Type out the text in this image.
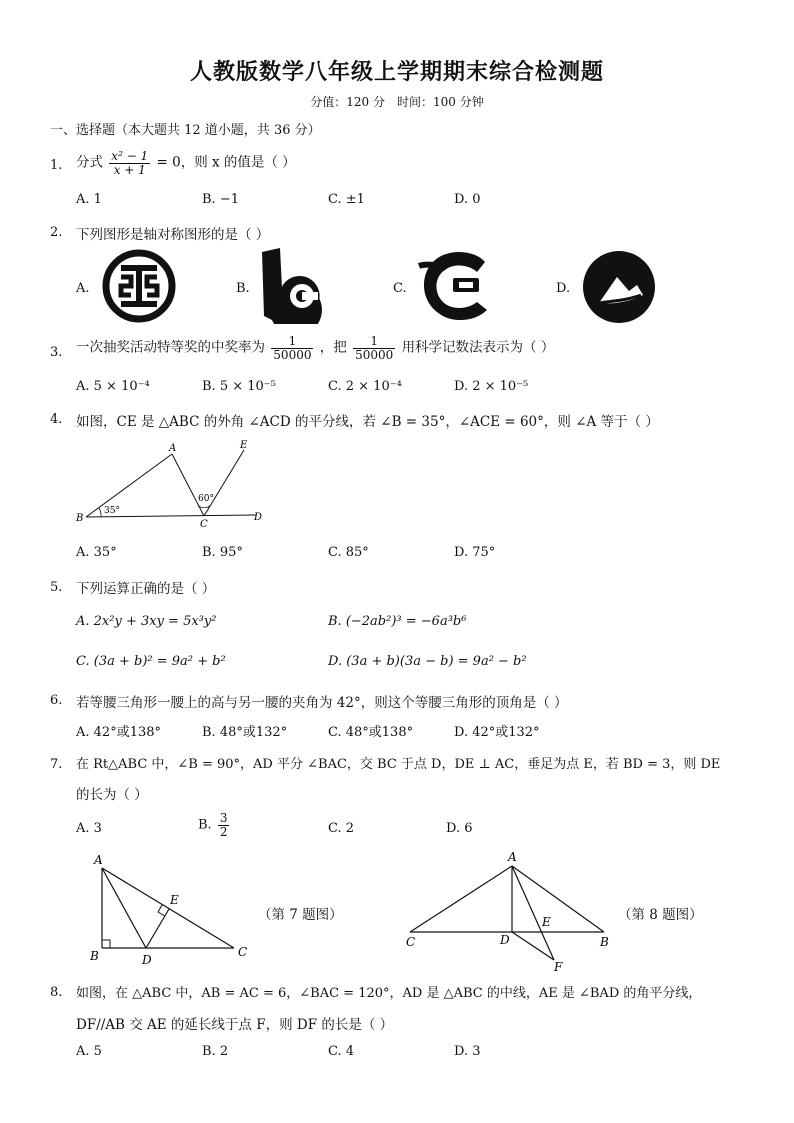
人教版数学八年级上学期期末综合检测题
分值：120 分　时间：100 分钟
一、选择题（本大题共 12 道小题，共 36 分）
1. 分式 $\frac{\text{x² − 1}}{x + 1} = 0$，则 x 的值是（ ）
A. 1	B. −1	C. ±1	D. 0
2. 下列图形是轴对称图形的是（ ）
A.	B.	C.	D.
3. 一次抽奖活动特等奖的中奖率为 $\frac{1}{50000}$ ，把 $\frac{1}{50000}$ 用科学记数法表示为（ ）
A. 5 × 10⁻⁴	B. 5 × 10⁻⁵	C. 2 × 10⁻⁴	D. 2 × 10⁻⁵
4. 如图，CE 是 △ABC 的外角 ∠ACD 的平分线，若 ∠B = 35°，∠ACE = 60°，则 ∠A 等于（ ）
A
B
C
D
E
35°
60°
A. 35°	B. 95°	C. 85°	D. 75°
5. 下列运算正确的是（ ）
A. 2x²y + 3xy = 5x³y²	B. (−2ab²)³ = −6a³b⁶
C. (3a + b)² = 9a² + b²	D. (3a + b)(3a − b) = 9a² − b²
6. 若等腰三角形一腰上的高与另一腰的夹角为 42°，则这个等腰三角形的顶角是（ ）
A. 42°或138°	B. 48°或132°	C. 48°或138°	D. 42°或132°
7. 在 Rt△ABC 中，∠B = 90°，AD 平分 ∠BAC，交 BC 于点 D，DE ⊥ AC，垂足为点 E，若 BD = 3，则 DE
的长为（ ）
A. 3	B. $\frac{3}{2}$	C. 2	D. 6
A
B	C
D
E
（第 7 题图）
A
C	B
D
E
F
（第 8 题图）
8. 如图，在 △ABC 中，AB = AC = 6，∠BAC = 120°，AD 是 △ABC 的中线，AE 是 ∠BAD 的角平分线，
DF//AB 交 AE 的延长线于点 F，则 DF 的长是（ ）
A. 5	B. 2	C. 4	D. 3
